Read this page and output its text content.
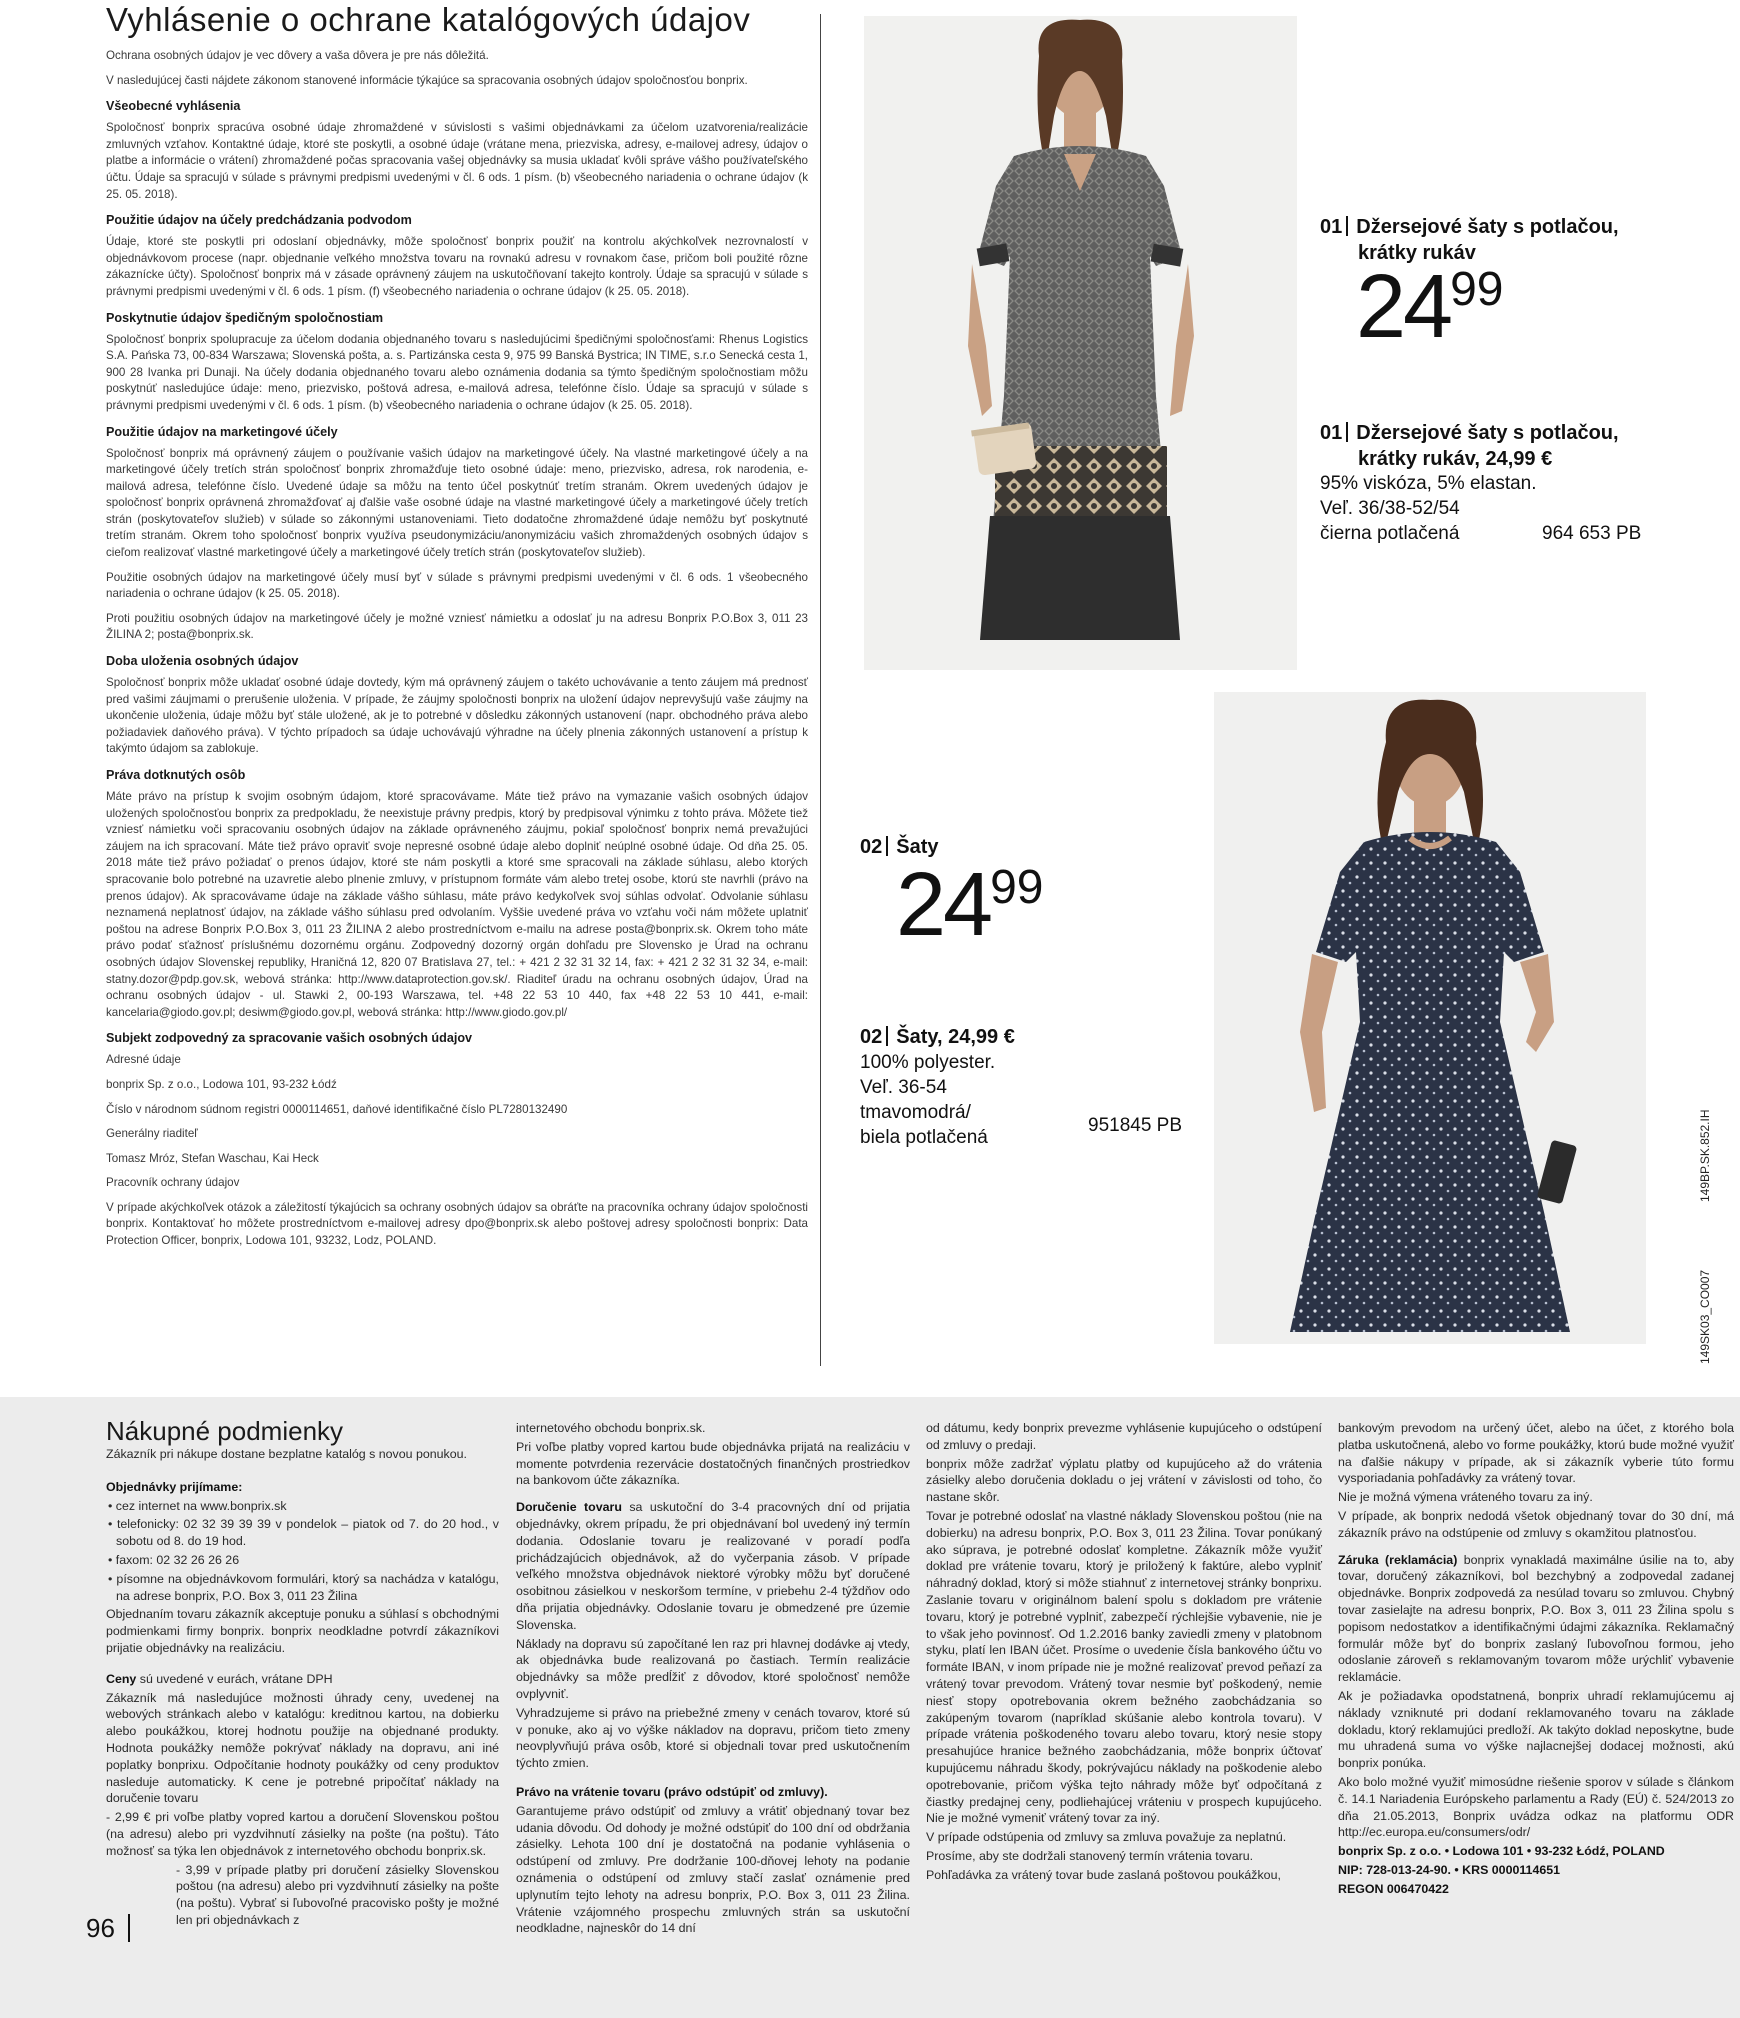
Vyhlásenie o ochrane katalógových údajov

Ochrana osobných údajov je vec dôvery a vaša dôvera je pre nás dôležitá.

V nasledujúcej časti nájdete zákonom stanovené informácie týkajúce sa spracovania osobných údajov spoločnosťou bonprix.

Všeobecné vyhlásenia

Spoločnosť bonprix spracúva osobné údaje zhromaždené v súvislosti s vašimi objednávkami za účelom uzatvorenia/realizácie zmluvných vzťahov. Kontaktné údaje, ktoré ste poskytli, a osobné údaje (vrátane mena, priezviska, adresy, e-mailovej adresy, údajov o platbe a informácie o vrátení) zhromaždené počas spracovania vašej objednávky sa musia ukladať kvôli správe vášho používateľského účtu. Údaje sa spracujú v súlade s právnymi predpismi uvedenými v čl. 6 ods. 1 písm. (b) všeobecného nariadenia o ochrane údajov (k 25. 05. 2018).

Použitie údajov na účely predchádzania podvodom

Údaje, ktoré ste poskytli pri odoslaní objednávky, môže spoločnosť bonprix použiť na kontrolu akýchkoľvek nezrovnalostí v objednávkovom procese (napr. objednanie veľkého množstva tovaru na rovnakú adresu v rovnakom čase, pričom boli použité rôzne zákaznícke účty). Spoločnosť bonprix má v zásade oprávnený záujem na uskutočňovaní takejto kontroly. Údaje sa spracujú v súlade s právnymi predpismi uvedenými v čl. 6 ods. 1 písm. (f) všeobecného nariadenia o ochrane údajov (k 25. 05. 2018).

Poskytnutie údajov špedičným spoločnostiam

Spoločnosť bonprix spolupracuje za účelom dodania objednaného tovaru s nasledujúcimi špedičnými spoločnosťami: Rhenus Logistics S.A. Pańska 73, 00-834 Warszawa; Slovenská pošta, a. s. Partizánska cesta 9, 975 99 Banská Bystrica; IN TIME, s.r.o Senecká cesta 1, 900 28 Ivanka pri Dunaji. Na účely dodania objednaného tovaru alebo oznámenia dodania sa týmto špedičným spoločnostiam môžu poskytnúť nasledujúce údaje: meno, priezvisko, poštová adresa, e-mailová adresa, telefónne číslo. Údaje sa spracujú v súlade s právnymi predpismi uvedenými v čl. 6 ods. 1 písm. (b) všeobecného nariadenia o ochrane údajov (k 25. 05. 2018).

Použitie údajov na marketingové účely

Spoločnosť bonprix má oprávnený záujem o používanie vašich údajov na marketingové účely. Na vlastné marketingové účely a na marketingové účely tretích strán spoločnosť bonprix zhromažďuje tieto osobné údaje: meno, priezvisko, adresa, rok narodenia, e-mailová adresa, telefónne číslo. Uvedené údaje sa môžu na tento účel poskytnúť tretím stranám. Okrem uvedených údajov je spoločnosť bonprix oprávnená zhromažďovať aj ďalšie vaše osobné údaje na vlastné marketingové účely a marketingové účely tretích strán (poskytovateľov služieb) v súlade so zákonnými ustanoveniami. Tieto dodatočne zhromaždené údaje nemôžu byť poskytnuté tretím stranám. Okrem toho spoločnosť bonprix využíva pseudonymizáciu/anonymizáciu vašich zhromaždených osobných údajov s cieľom realizovať vlastné marketingové účely a marketingové účely tretích strán (poskytovateľov služieb).

Použitie osobných údajov na marketingové účely musí byť v súlade s právnymi predpismi uvedenými v čl. 6 ods. 1 všeobecného nariadenia o ochrane údajov (k 25. 05. 2018).

Proti použitiu osobných údajov na marketingové účely je možné vzniesť námietku a odoslať ju na adresu Bonprix P.O.Box 3, 011 23 ŽILINA 2; posta@bonprix.sk.

Doba uloženia osobných údajov

Spoločnosť bonprix môže ukladať osobné údaje dovtedy, kým má oprávnený záujem o takéto uchovávanie a tento záujem má prednosť pred vašimi záujmami o prerušenie uloženia. V prípade, že záujmy spoločnosti bonprix na uložení údajov neprevyšujú vaše záujmy na ukončenie uloženia, údaje môžu byť stále uložené, ak je to potrebné v dôsledku zákonných ustanovení (napr. obchodného práva alebo požiadaviek daňového práva). V týchto prípadoch sa údaje uchovávajú výhradne na účely plnenia zákonných ustanovení a prístup k takýmto údajom sa zablokuje.

Práva dotknutých osôb

Máte právo na prístup k svojim osobným údajom, ktoré spracovávame. Máte tiež právo na vymazanie vašich osobných údajov uložených spoločnosťou bonprix za predpokladu, že neexistuje právny predpis, ktorý by predpisoval výnimku z tohto práva. Môžete tiež vzniesť námietku voči spracovaniu osobných údajov na základe oprávneného záujmu, pokiaľ spoločnosť bonprix nemá prevažujúci záujem na ich spracovaní. Máte tiež právo opraviť svoje nepresné osobné údaje alebo doplniť neúplné osobné údaje. Od dňa 25. 05. 2018 máte tiež právo požiadať o prenos údajov, ktoré ste nám poskytli a ktoré sme spracovali na základe súhlasu, alebo ktorých spracovanie bolo potrebné na uzavretie alebo plnenie zmluvy, v prístupnom formáte vám alebo tretej osobe, ktorú ste navrhli (právo na prenos údajov). Ak spracovávame údaje na základe vášho súhlasu, máte právo kedykoľvek svoj súhlas odvolať. Odvolanie súhlasu neznamená neplatnosť údajov, na základe vášho súhlasu pred odvolaním. Vyššie uvedené práva vo vzťahu voči nám môžete uplatniť poštou na adrese Bonprix P.O.Box 3, 011 23 ŽILINA 2 alebo prostredníctvom e-mailu na adrese posta@bonprix.sk. Okrem toho máte právo podať sťažnosť príslušnému dozornému orgánu. Zodpovedný dozorný orgán dohľadu pre Slovensko je Úrad na ochranu osobných údajov Slovenskej republiky, Hraničná 12, 820 07 Bratislava 27, tel.: + 421 2 32 31 32 14, fax: + 421 2 32 31 32 34, e-mail: statny.dozor@pdp.gov.sk, webová stránka: http://www.dataprotection.gov.sk/. Riaditeľ úradu na ochranu osobných údajov, Úrad na ochranu osobných údajov - ul. Stawki 2, 00-193 Warszawa, tel. +48 22 53 10 440, fax +48 22 53 10 441, e-mail: kancelaria@giodo.gov.pl; desiwm@giodo.gov.pl, webová stránka: http://www.giodo.gov.pl/

Subjekt zodpovedný za spracovanie vašich osobných údajov

Adresné údaje

bonprix Sp. z o.o., Lodowa 101, 93-232 Łódź

Číslo v národnom súdnom registri 0000114651, daňové identifikačné číslo PL7280132490

Generálny riaditeľ

Tomasz Mróz, Stefan Waschau, Kai Heck

Pracovník ochrany údajov

V prípade akýchkoľvek otázok a záležitostí týkajúcich sa ochrany osobných údajov sa obráťte na pracovníka ochrany údajov spoločnosti bonprix. Kontaktovať ho môžete prostredníctvom e-mailovej adresy dpo@bonprix.sk alebo poštovej adresy spoločnosti bonprix: Data Protection Officer, bonprix, Lodowa 101, 93232, Lodz, POLAND.

01 Džersejové šaty s potlačou,
krátky rukáv
2499
01 Džersejové šaty s potlačou,
krátky rukáv, 24,99 €
95% viskóza, 5% elastan.
Veľ. 36/38-52/54
čierna potlačená	964 653 PB
02 Šaty
2499
02 Šaty, 24,99 €
100% polyester.
Veľ. 36-54
tmavomodrá/
biela potlačená
951845 PB
149SK03_CO007
149BP.SK.852.IH
Nákupné podmienky

Zákazník pri nákupe dostane bezplatne katalóg s novou ponukou.

Objednávky prijímame:

• cez internet na www.bonprix.sk

• telefonicky: 02 32 39 39 39 v pondelok – piatok od 7. do 20 hod., v sobotu od 8. do 19 hod.

• faxom: 02 32 26 26 26

• písomne na objednávkovom formulári, ktorý sa nachádza v katalógu, na adrese bonprix, P.O. Box 3, 011 23 Žilina

Objednaním tovaru zákazník akceptuje ponuku a súhlasí s obchodnými podmienkami firmy bonprix. bonprix neodkladne potvrdí zákazníkovi prijatie objednávky na realizáciu.

Ceny sú uvedené v eurách, vrátane DPH

Zákazník má nasledujúce možnosti úhrady ceny, uvedenej na webových stránkach alebo v katalógu: kreditnou kartou, na dobierku alebo poukážkou, ktorej hodnotu použije na objednané produkty. Hodnota poukážky nemôže pokrývať náklady na dopravu, ani iné poplatky bonprixu. Odpočítanie hodnoty poukážky od ceny produktov nasleduje automaticky. K cene je potrebné pripočítať náklady na doručenie tovaru

- 2,99 € pri voľbe platby vopred kartou a doručení Slovenskou poštou (na adresu) alebo pri vyzdvihnutí zásielky na pošte (na poštu). Táto možnosť sa týka len objednávok z internetového obchodu bonprix.sk.

- 3,99 v prípade platby pri doručení zásielky Slovenskou poštou (na adresu) alebo pri vyzdvihnutí zásielky na pošte (na poštu). Vybrať si ľubovoľné pracovisko pošty je možné len pri objednávkach z

internetového obchodu bonprix.sk.

Pri voľbe platby vopred kartou bude objednávka prijatá na realizáciu v momente potvrdenia rezervácie dostatočných finančných prostriedkov na bankovom účte zákazníka.

Doručenie tovaru sa uskutoční do 3-4 pracovných dní od prijatia objednávky, okrem prípadu, že pri objednávaní bol uvedený iný termín dodania. Odoslanie tovaru je realizované v poradí podľa prichádzajúcich objednávok, až do vyčerpania zásob. V prípade veľkého množstva objednávok niektoré výrobky môžu byť doručené osobitnou zásielkou v neskoršom termíne, v priebehu 2-4 týždňov odo dňa prijatia objednávky. Odoslanie tovaru je obmedzené pre územie Slovenska.

Náklady na dopravu sú započítané len raz pri hlavnej dodávke aj vtedy, ak objednávka bude realizovaná po častiach. Termín realizácie objednávky sa môže predĺžiť z dôvodov, ktoré spoločnosť nemôže ovplyvniť.

Vyhradzujeme si právo na priebežné zmeny v cenách tovarov, ktoré sú v ponuke, ako aj vo výške nákladov na dopravu, pričom tieto zmeny neovplyvňujú práva osôb, ktoré si objednali tovar pred uskutočnením týchto zmien.

Právo na vrátenie tovaru (právo odstúpiť od zmluvy).

Garantujeme právo odstúpiť od zmluvy a vrátiť objednaný tovar bez udania dôvodu. Od dohody je možné odstúpiť do 100 dní od obdržania zásielky. Lehota 100 dní je dostatočná na podanie vyhlásenia o odstúpení od zmluvy. Pre dodržanie 100-dňovej lehoty na podanie oznámenia o odstúpení od zmluvy stačí zaslať oznámenie pred uplynutím tejto lehoty na adresu bonprix, P.O. Box 3, 011 23 Žilina. Vrátenie vzájomného prospechu zmluvných strán sa uskutoční neodkladne, najneskôr do 14 dní

od dátumu, kedy bonprix prevezme vyhlásenie kupujúceho o odstúpení od zmluvy o predaji.

bonprix môže zadržať výplatu platby od kupujúceho až do vrátenia zásielky alebo doručenia dokladu o jej vrátení v závislosti od toho, čo nastane skôr.

Tovar je potrebné odoslať na vlastné náklady Slovenskou poštou (nie na dobierku) na adresu bonprix, P.O. Box 3, 011 23 Žilina. Tovar ponúkaný ako súprava, je potrebné odoslať kompletne. Zákazník môže využiť doklad pre vrátenie tovaru, ktorý je priložený k faktúre, alebo vyplniť náhradný doklad, ktorý si môže stiahnuť z internetovej stránky bonprixu. Zaslanie tovaru v originálnom balení spolu s dokladom pre vrátenie tovaru, ktorý je potrebné vyplniť, zabezpečí rýchlejšie vybavenie, nie je to však jeho povinnosť. Od 1.2.2016 banky zaviedli zmeny v platobnom styku, platí len IBAN účet. Prosíme o uvedenie čísla bankového účtu vo formáte IBAN, v inom prípade nie je možné realizovať prevod peňazí za vrátený tovar prevodom. Vrátený tovar nesmie byť poškodený, nemie niesť stopy opotrebovania okrem bežného zaobchádzania so zakúpeným tovarom (napríklad skúšanie alebo kontrola tovaru). V prípade vrátenia poškodeného tovaru alebo tovaru, ktorý nesie stopy presahujúce hranice bežného zaobchádzania, môže bonprix účtovať kupujúcemu náhradu škody, pokrývajúcu náklady na poškodenie alebo opotrebovanie, pričom výška tejto náhrady môže byť odpočítaná z čiastky predajnej ceny, podliehajúcej vráteniu v prospech kupujúceho. Nie je možné vymeniť vrátený tovar za iný.

V prípade odstúpenia od zmluvy sa zmluva považuje za neplatnú.

Prosíme, aby ste dodržali stanovený termín vrátenia tovaru.

Pohľadávka za vrátený tovar bude zaslaná poštovou poukážkou,

bankovým prevodom na určený účet, alebo na účet, z ktorého bola platba uskutočnená, alebo vo forme poukážky, ktorú bude možné využiť na ďalšie nákupy v prípade, ak si zákazník vyberie túto formu vysporiadania pohľadávky za vrátený tovar.

Nie je možná výmena vráteného tovaru za iný.

V prípade, ak bonprix nedodá všetok objednaný tovar do 30 dní, má zákazník právo na odstúpenie od zmluvy s okamžitou platnosťou.

Záruka (reklamácia) bonprix vynakladá maximálne úsilie na to, aby tovar, doručený zákazníkovi, bol bezchybný a zodpovedal zadanej objednávke. Bonprix zodpovedá za nesúlad tovaru so zmluvou. Chybný tovar zasielajte na adresu bonprix, P.O. Box 3, 011 23 Žilina spolu s popisom nedostatkov a identifikačnými údajmi zákazníka. Reklamačný formulár môže byť do bonprix zaslaný ľubovoľnou formou, jeho odoslanie zároveň s reklamovaným tovarom môže urýchliť vybavenie reklamácie.

Ak je požiadavka opodstatnená, bonprix uhradí reklamujúcemu aj náklady vzniknuté pri dodaní reklamovaného tovaru na základe dokladu, ktorý reklamujúci predloží. Ak takýto doklad neposkytne, bude mu uhradená suma vo výške najlacnejšej dodacej možnosti, akú bonprix ponúka.

Ako bolo možné využiť mimosúdne riešenie sporov v súlade s článkom č. 14.1 Nariadenia Európskeho parlamentu a Rady (EÚ) č. 524/2013 zo dňa 21.05.2013, Bonprix uvádza odkaz na platformu ODR http://ec.europa.eu/consumers/odr/

bonprix Sp. z o.o. • Lodowa 101 • 93-232 Łódź, POLAND

NIP: 728-013-24-90. • KRS 0000114651

REGON 006470422

96
